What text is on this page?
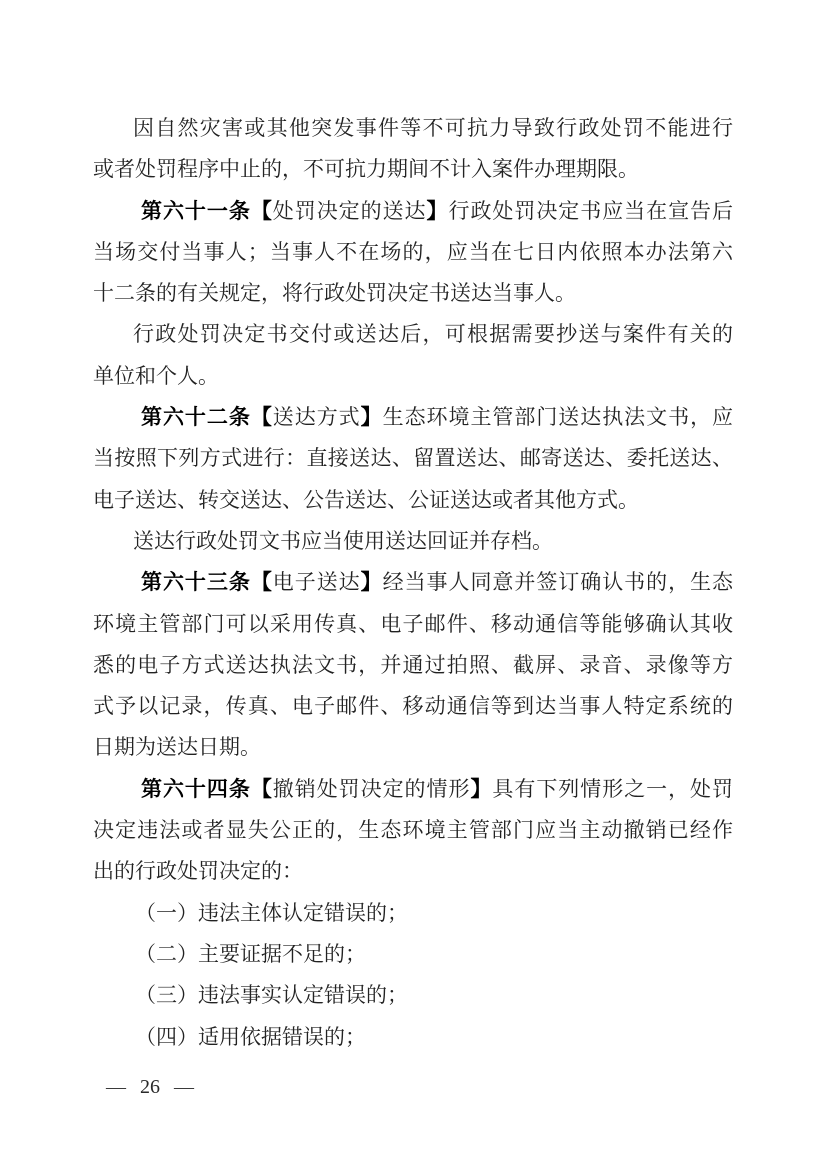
因自然灾害或其他突发事件等不可抗力导致行政处罚不能进行
或者处罚程序中止的，不可抗力期间不计入案件办理期限。
第六十一条【处罚决定的送达】行政处罚决定书应当在宣告后
当场交付当事人；当事人不在场的，应当在七日内依照本办法第六
十二条的有关规定，将行政处罚决定书送达当事人。
行政处罚决定书交付或送达后，可根据需要抄送与案件有关的
单位和个人。
第六十二条【送达方式】生态环境主管部门送达执法文书，应
当按照下列方式进行：直接送达、留置送达、邮寄送达、委托送达、
电子送达、转交送达、公告送达、公证送达或者其他方式。
送达行政处罚文书应当使用送达回证并存档。
第六十三条【电子送达】经当事人同意并签订确认书的，生态
环境主管部门可以采用传真、电子邮件、移动通信等能够确认其收
悉的电子方式送达执法文书，并通过拍照、截屏、录音、录像等方
式予以记录，传真、电子邮件、移动通信等到达当事人特定系统的
日期为送达日期。
第六十四条【撤销处罚决定的情形】具有下列情形之一，处罚
决定违法或者显失公正的，生态环境主管部门应当主动撤销已经作
出的行政处罚决定的：
（一）违法主体认定错误的；
（二）主要证据不足的；
（三）违法事实认定错误的；
（四）适用依据错误的；
— 26 —
